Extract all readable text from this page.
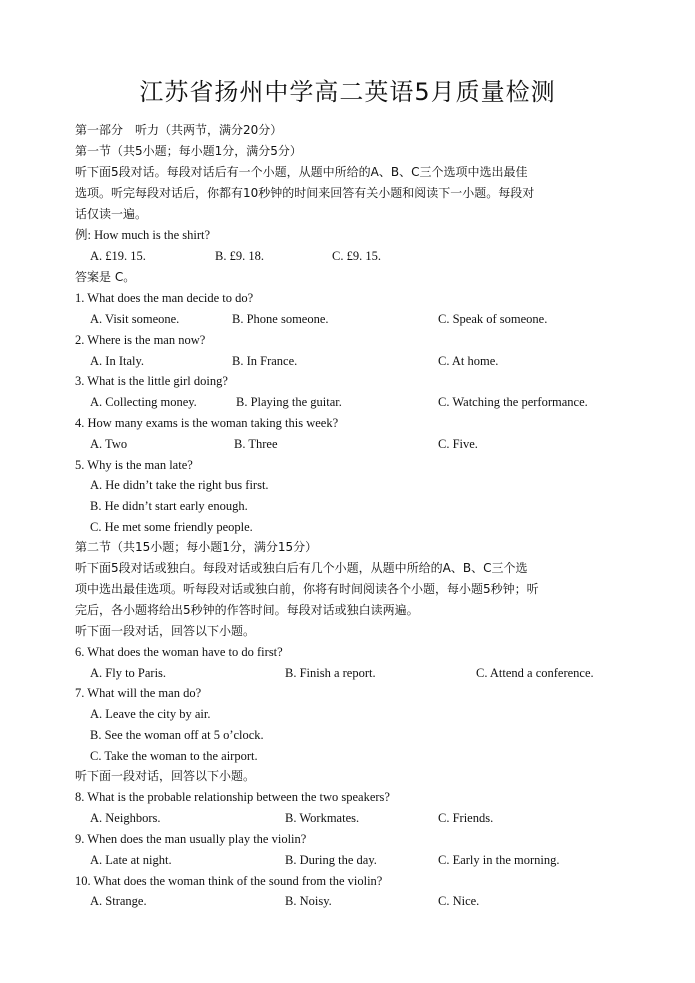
江苏省扬州中学高二英语5月质量检测
第一部分　听力（共两节，满分20分）
第一节（共5小题；每小题1分，满分5分）
听下面5段对话。每段对话后有一个小题，从题中所给的A、B、C三个选项中选出最佳
选项。听完每段对话后，你都有10秒钟的时间来回答有关小题和阅读下一小题。每段对
话仅读一遍。
例: How much is the shirt?
A. £19. 15.	B. £9. 18.	C. £9. 15.
答案是 C。
1. What does the man decide to do?
A. Visit someone.	B. Phone someone.	C. Speak of someone.
2. Where is the man now?
A. In Italy.	B. In France.	C. At home.
3. What is the little girl doing?
A. Collecting money.	B. Playing the guitar.	C. Watching the performance.
4. How many exams is the woman taking this week?
A. Two	B. Three	C. Five.
5. Why is the man late?
A. He didn’t take the right bus first.
B. He didn’t start early enough.
C. He met some friendly people.
第二节（共15小题；每小题1分，满分15分）
听下面5段对话或独白。每段对话或独白后有几个小题，从题中所给的A、B、C三个选
项中选出最佳选项。听每段对话或独白前，你将有时间阅读各个小题，每小题5秒钟；听
完后，各小题将给出5秒钟的作答时间。每段对话或独白读两遍。
听下面一段对话，回答以下小题。
6. What does the woman have to do first?
A. Fly to Paris.	B. Finish a report.	C. Attend a conference.
7. What will the man do?
A. Leave the city by air.
B. See the woman off at 5 o’clock.
C. Take the woman to the airport.
听下面一段对话，回答以下小题。
8. What is the probable relationship between the two speakers?
A. Neighbors.	B. Workmates.	C. Friends.
9. When does the man usually play the violin?
A. Late at night.	B. During the day.	C. Early in the morning.
10. What does the woman think of the sound from the violin?
A. Strange.	B. Noisy.	C. Nice.
